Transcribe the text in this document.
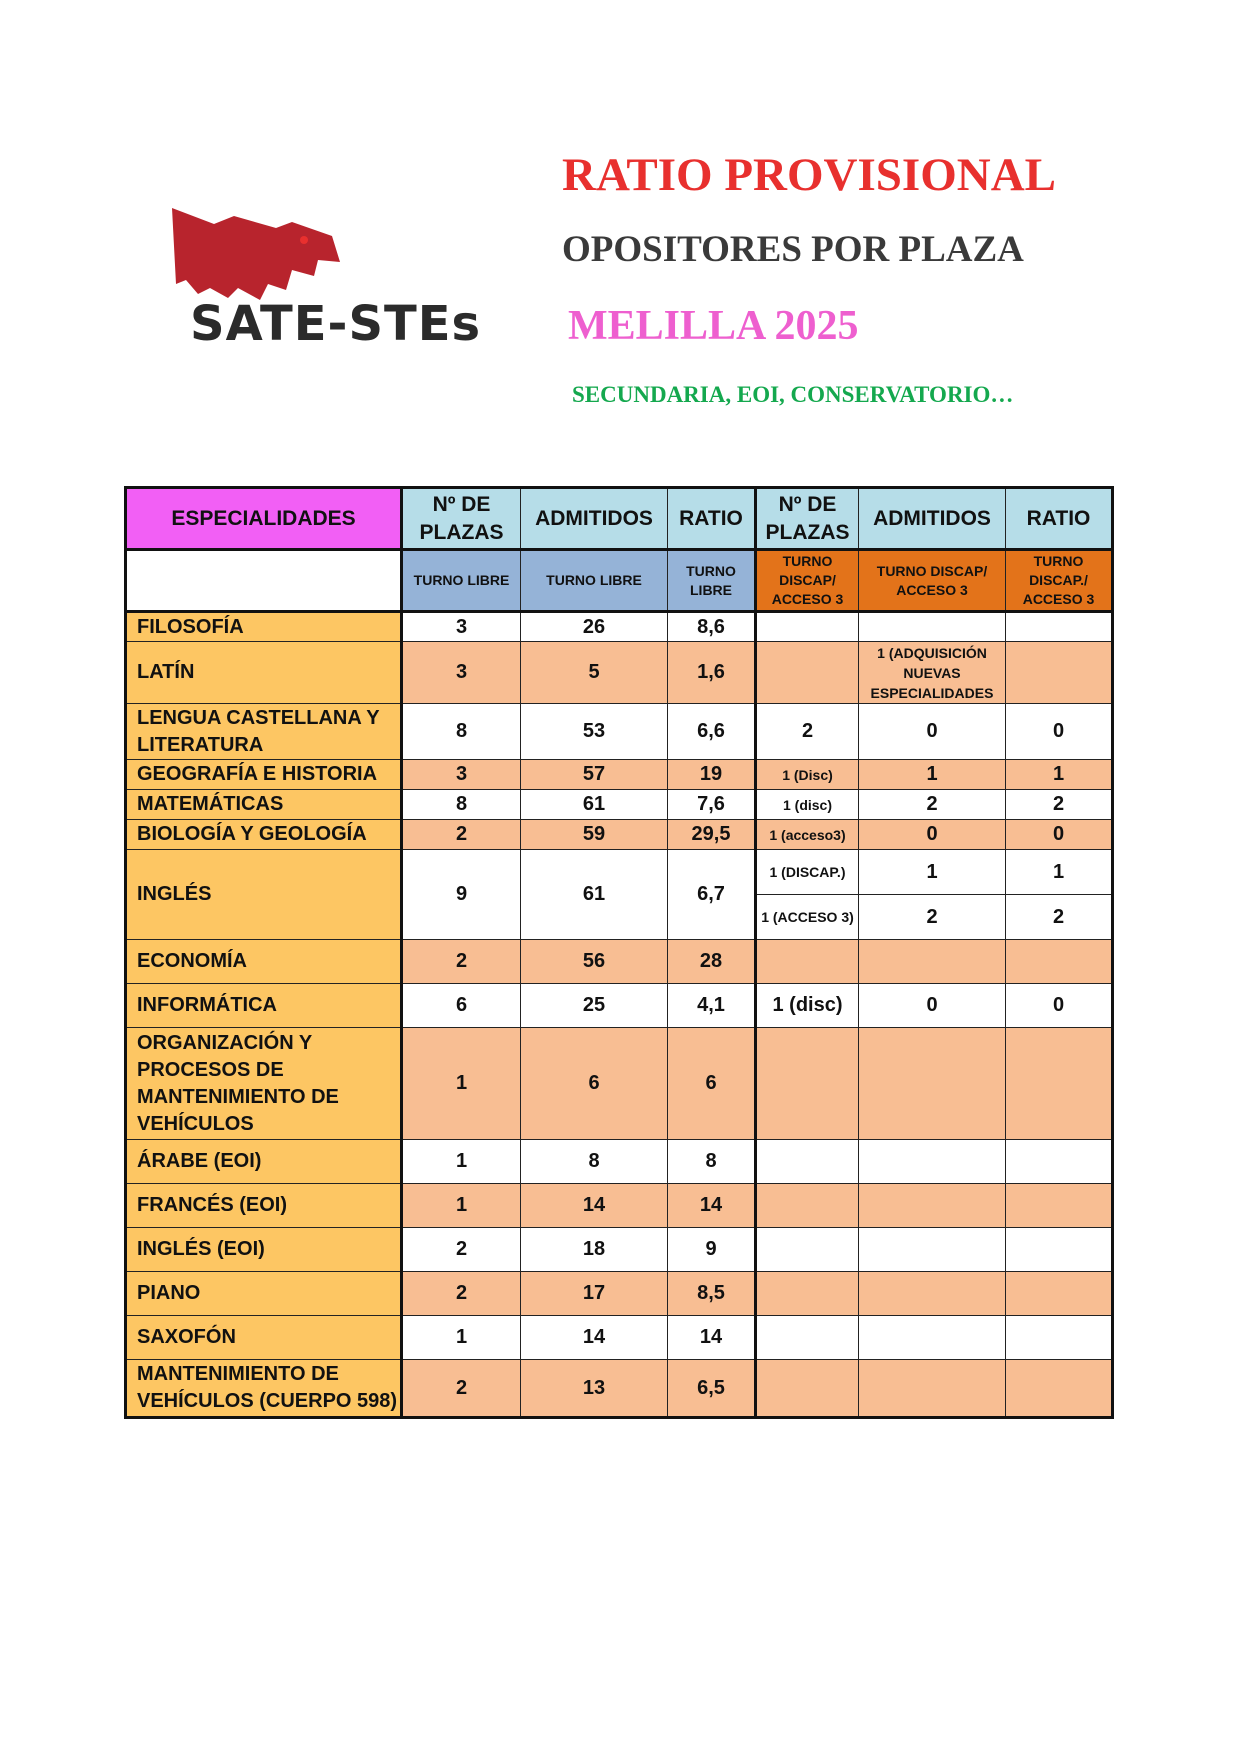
SATE-STEs
RATIO PROVISIONAL
OPOSITORES POR PLAZA
MELILLA 2025
SECUNDARIA, EOI, CONSERVATORIO…
ESPECIALIDADES	Nº DE PLAZAS	ADMITIDOS	RATIO	Nº DE PLAZAS	ADMITIDOS	RATIO
	TURNO LIBRE	TURNO LIBRE	TURNO LIBRE	TURNO DISCAP/ ACCESO 3	TURNO DISCAP/ ACCESO 3	TURNO DISCAP./ ACCESO 3
FILOSOFÍA	3	26	8,6			
LATÍN	3	5	1,6		1 (ADQUISICIÓN NUEVAS ESPECIALIDADES	
LENGUA CASTELLANA Y LITERATURA	8	53	6,6	2	0	0
GEOGRAFÍA E HISTORIA	3	57	19	1 (Disc)	1	1
MATEMÁTICAS	8	61	7,6	1 (disc)	2	2
BIOLOGÍA Y GEOLOGÍA	2	59	29,5	1 (acceso3)	0	0
INGLÉS	9	61	6,7	1 (DISCAP.)	1	1
				1 (ACCESO 3)	2	2
ECONOMÍA	2	56	28			
INFORMÁTICA	6	25	4,1	1 (disc)	0	0
ORGANIZACIÓN Y PROCESOS DE MANTENIMIENTO DE VEHÍCULOS	1	6	6			
ÁRABE (EOI)	1	8	8			
FRANCÉS (EOI)	1	14	14			
INGLÉS (EOI)	2	18	9			
PIANO	2	17	8,5			
SAXOFÓN	1	14	14			
MANTENIMIENTO DE VEHÍCULOS (CUERPO 598)	2	13	6,5			
